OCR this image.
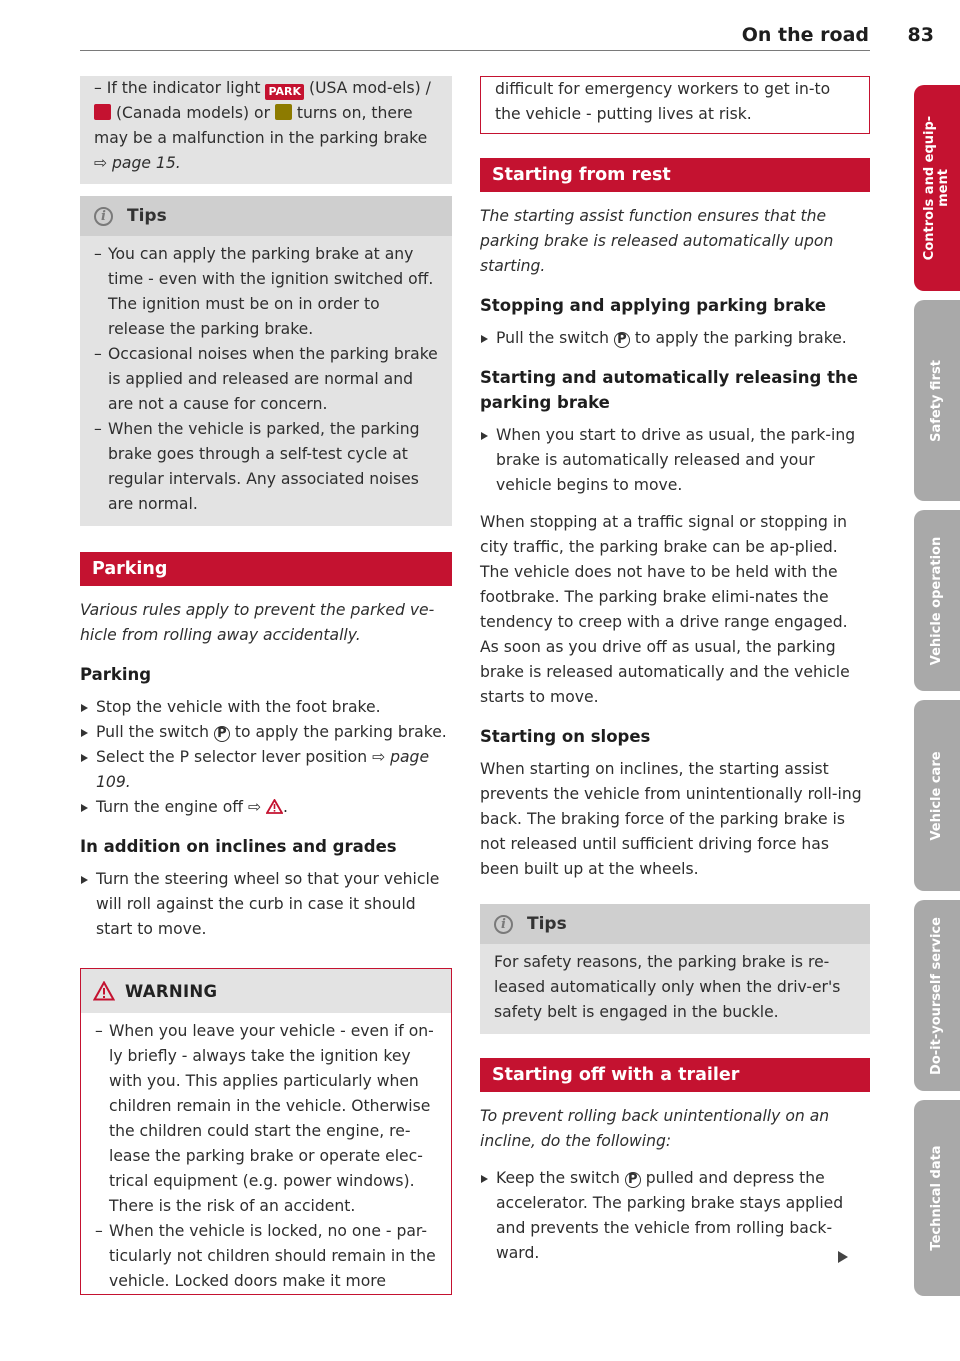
On the road 83
– If the indicator light PARK (USA mod-els) / (Canada models) or  turns on, there may be a malfunction in the parking brake ⇨ page 15.
i	Tips
– You can apply the parking brake at any time - even with the ignition switched off. The ignition must be on in order to release the parking brake.
– Occasional noises when the parking brake is applied and released are normal and are not a cause for concern.
– When the vehicle is parked, the parking brake goes through a self-test cycle at regular intervals. Any associated noises are normal.
Parking
Various rules apply to prevent the parked ve-hicle from rolling away accidentally.
Parking
Stop the vehicle with the foot brake.
Pull the switch P to apply the parking brake.
Select the P selector lever position ⇨ page 109.
Turn the engine off ⇨ .
In addition on inclines and grades
Turn the steering wheel so that your vehicle will roll against the curb in case it should start to move.
WARNING
– When you leave your vehicle - even if on-ly briefly - always take the ignition key with you. This applies particularly when children remain in the vehicle. Otherwise the children could start the engine, re-lease the parking brake or operate elec-trical equipment (e.g. power windows). There is the risk of an accident.
– When the vehicle is locked, no one - par-ticularly not children should remain in the vehicle. Locked doors make it more
difficult for emergency workers to get in-to the vehicle - putting lives at risk.
Starting from rest
The starting assist function ensures that the parking brake is released automatically upon starting.
Stopping and applying parking brake
Pull the switch P to apply the parking brake.
Starting and automatically releasing the parking brake
When you start to drive as usual, the park-ing brake is automatically released and your vehicle begins to move.
When stopping at a traffic signal or stopping in city traffic, the parking brake can be ap-plied. The vehicle does not have to be held with the footbrake. The parking brake elimi-nates the tendency to creep with a drive range engaged. As soon as you drive off as usual, the parking brake is released automatically and the vehicle starts to move.
Starting on slopes
When starting on inclines, the starting assist prevents the vehicle from unintentionally roll-ing back. The braking force of the parking brake is not released until sufficient driving force has been built up at the wheels.
i	Tips
For safety reasons, the parking brake is re-leased automatically only when the driv-er's safety belt is engaged in the buckle.
Starting off with a trailer
To prevent rolling back unintentionally on an incline, do the following:
Keep the switch P pulled and depress the accelerator. The parking brake stays applied and prevents the vehicle from rolling back-ward.
Controls and equip-ment
Safety first
Vehicle operation
Vehicle care
Do-it-yourself service
Technical data
